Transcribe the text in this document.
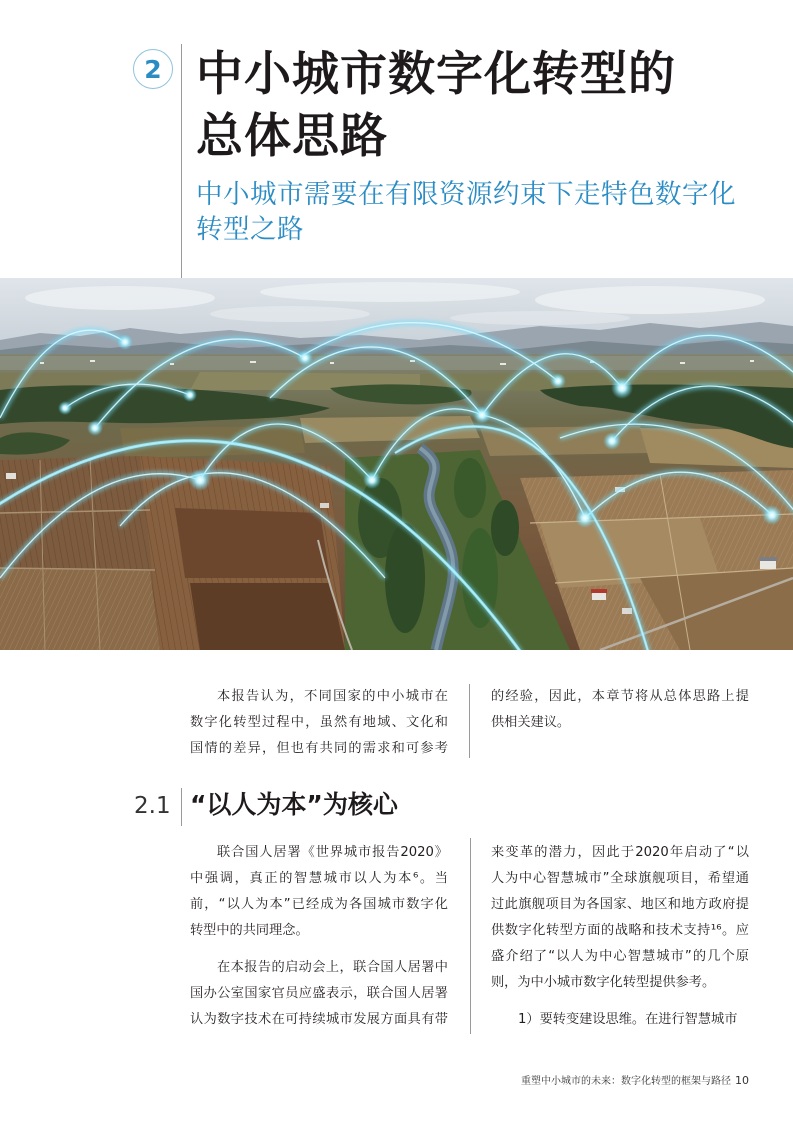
2 中小城市数字化转型的
总体思路
中小城市需要在有限资源约束下走特色数字化
转型之路
本报告认为，不同国家的中小城市在
数字化转型过程中，虽然有地域、文化和
国情的差异，但也有共同的需求和可参考
的经验，因此，本章节将从总体思路上提
供相关建议。
2.1 “以人为本”为核心
联合国人居署《世界城市报告2020》
中强调，真正的智慧城市以人为本⁶。当
前，“以人为本”已经成为各国城市数字化
转型中的共同理念。
在本报告的启动会上，联合国人居署中
国办公室国家官员应盛表示，联合国人居署
认为数字技术在可持续城市发展方面具有带
来变革的潜力，因此于2020年启动了“以
人为中心智慧城市”全球旗舰项目，希望通
过此旗舰项目为各国家、地区和地方政府提
供数字化转型方面的战略和技术支持¹⁶。应
盛介绍了“以人为中心智慧城市”的几个原
则，为中小城市数字化转型提供参考。
1）要转变建设思维。在进行智慧城市
重塑中小城市的未来：数字化转型的框架与路径 10
